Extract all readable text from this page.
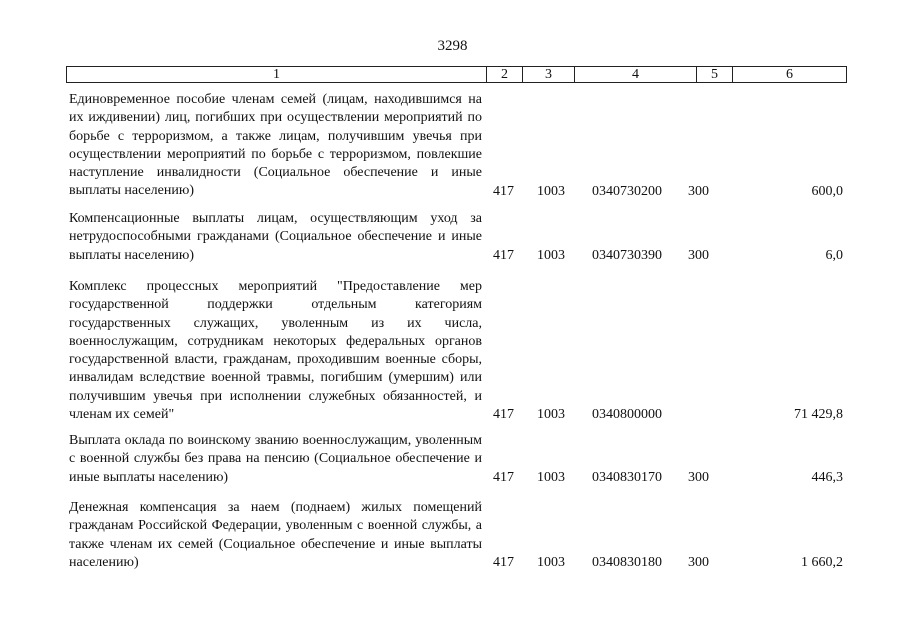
3298
1	2	3	4	5	6
Единовременное пособие членам семей (лицам, находившимся на их иждивении) лиц, погибших при осуществлении мероприятий по борьбе с терроризмом, а также лицам, получившим увечья при осуществлении мероприятий по борьбе с терроризмом, повлекшие наступление инвалидности (Социальное обеспечение и иные выплаты населению)	417 1003 0340730200 300	600,0
Компенсационные выплаты лицам, осуществляющим уход за нетрудоспособными гражданами (Социальное обеспечение и иные выплаты населению)	417 1003 0340730390 300	6,0
Комплекс процессных мероприятий "Предоставление мер государственной поддержки отдельным категориям государственных служащих, уволенным из их числа, военнослужащим, сотрудникам некоторых федеральных органов государственной власти, гражданам, проходившим военные сборы, инвалидам вследствие военной травмы, погибшим (умершим) или получившим увечья при исполнении служебных обязанностей, и членам их семей"	417 1003 0340800000	71 429,8
Выплата оклада по воинскому званию военнослужащим, уволенным с военной службы без права на пенсию (Социальное обеспечение и иные выплаты населению)	417 1003 0340830170 300	446,3
Денежная компенсация за наем (поднаем) жилых помещений гражданам Российской Федерации, уволенным с военной службы, а также членам их семей (Социальное обеспечение и иные выплаты населению)	417 1003 0340830180 300	1 660,2
